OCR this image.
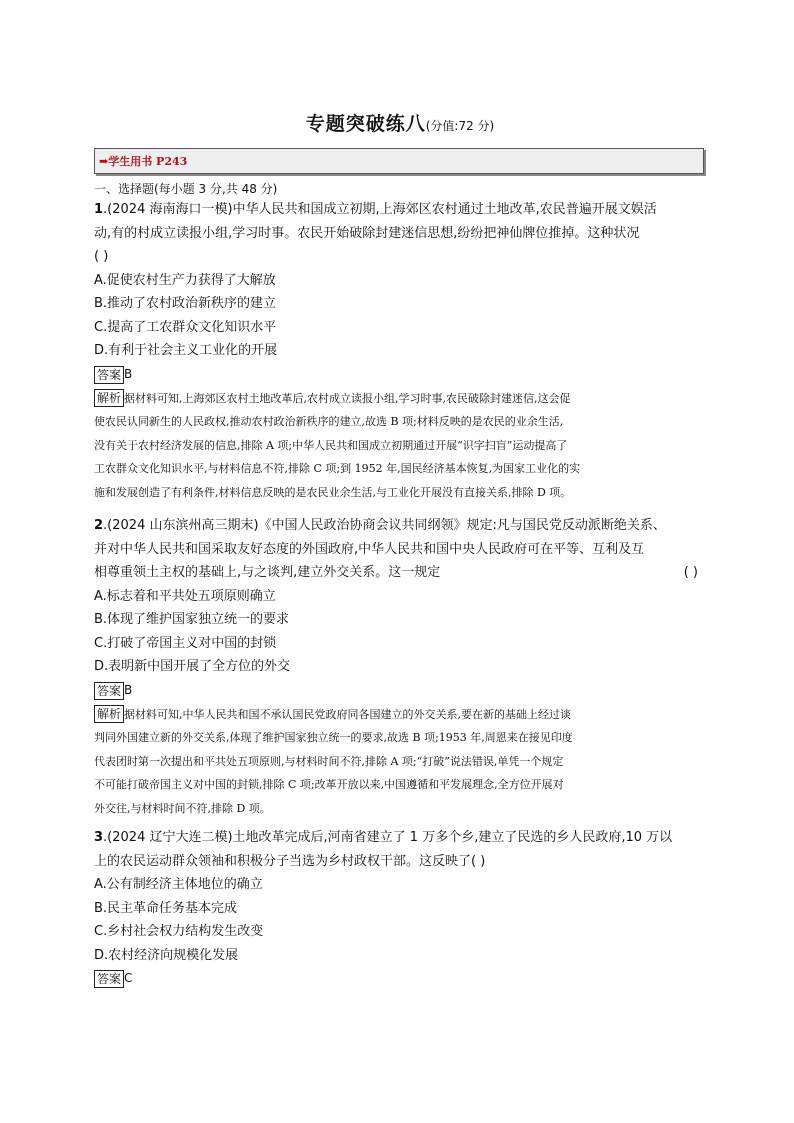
专题突破练八(分值:72 分)
➡学生用书 P243
一、选择题(每小题 3 分,共 48 分)
1.(2024 海南海口一模)中华人民共和国成立初期,上海郊区农村通过土地改革,农民普遍开展文娱活
动,有的村成立读报小组,学习时事。农民开始破除封建迷信思想,纷纷把神仙牌位推掉。这种状况
( )
A.促使农村生产力获得了大解放
B.推动了农村政治新秩序的建立
C.提高了工农群众文化知识水平
D.有利于社会主义工业化的开展
答案 $^B$
解析 据材料可知,上海郊区农村土地改革后,农村成立读报小组,学习时事,农民破除封建迷信,这会促
使农民认同新生的人民政权,推动农村政治新秩序的建立,故选 B 项;材料反映的是农民的业余生活,
没有关于农村经济发展的信息,排除 A 项;中华人民共和国成立初期通过开展“识字扫盲”运动提高了
工农群众文化知识水平,与材料信息不符,排除 C 项;到 1952 年,国民经济基本恢复,为国家工业化的实
施和发展创造了有利条件,材料信息反映的是农民业余生活,与工业化开展没有直接关系,排除 D 项。
2.(2024 山东滨州高三期末)《中国人民政治协商会议共同纲领》规定:凡与国民党反动派断绝关系、
并对中华人民共和国采取友好态度的外国政府,中华人民共和国中央人民政府可在平等、互利及互
相尊重领土主权的基础上,与之谈判,建立外交关系。这一规定	( )
A.标志着和平共处五项原则确立
B.体现了维护国家独立统一的要求
C.打破了帝国主义对中国的封锁
D.表明新中国开展了全方位的外交
答案 $^B$
解析 据材料可知,中华人民共和国不承认国民党政府同各国建立的外交关系,要在新的基础上经过谈
判同外国建立新的外交关系,体现了维护国家独立统一的要求,故选 B 项;1953 年,周恩来在接见印度
代表团时第一次提出和平共处五项原则,与材料时间不符,排除 A 项;“打破”说法错误,单凭一个规定
不可能打破帝国主义对中国的封锁,排除 C 项;改革开放以来,中国遵循和平发展理念,全方位开展对
外交往,与材料时间不符,排除 D 项。
3.(2024 辽宁大连二模)土地改革完成后,河南省建立了 1 万多个乡,建立了民选的乡人民政府,10 万以
上的农民运动群众领袖和积极分子当选为乡村政权干部。这反映了( )
A.公有制经济主体地位的确立
B.民主革命任务基本完成
C.乡村社会权力结构发生改变
D.农村经济向规模化发展
答案 $^C$
